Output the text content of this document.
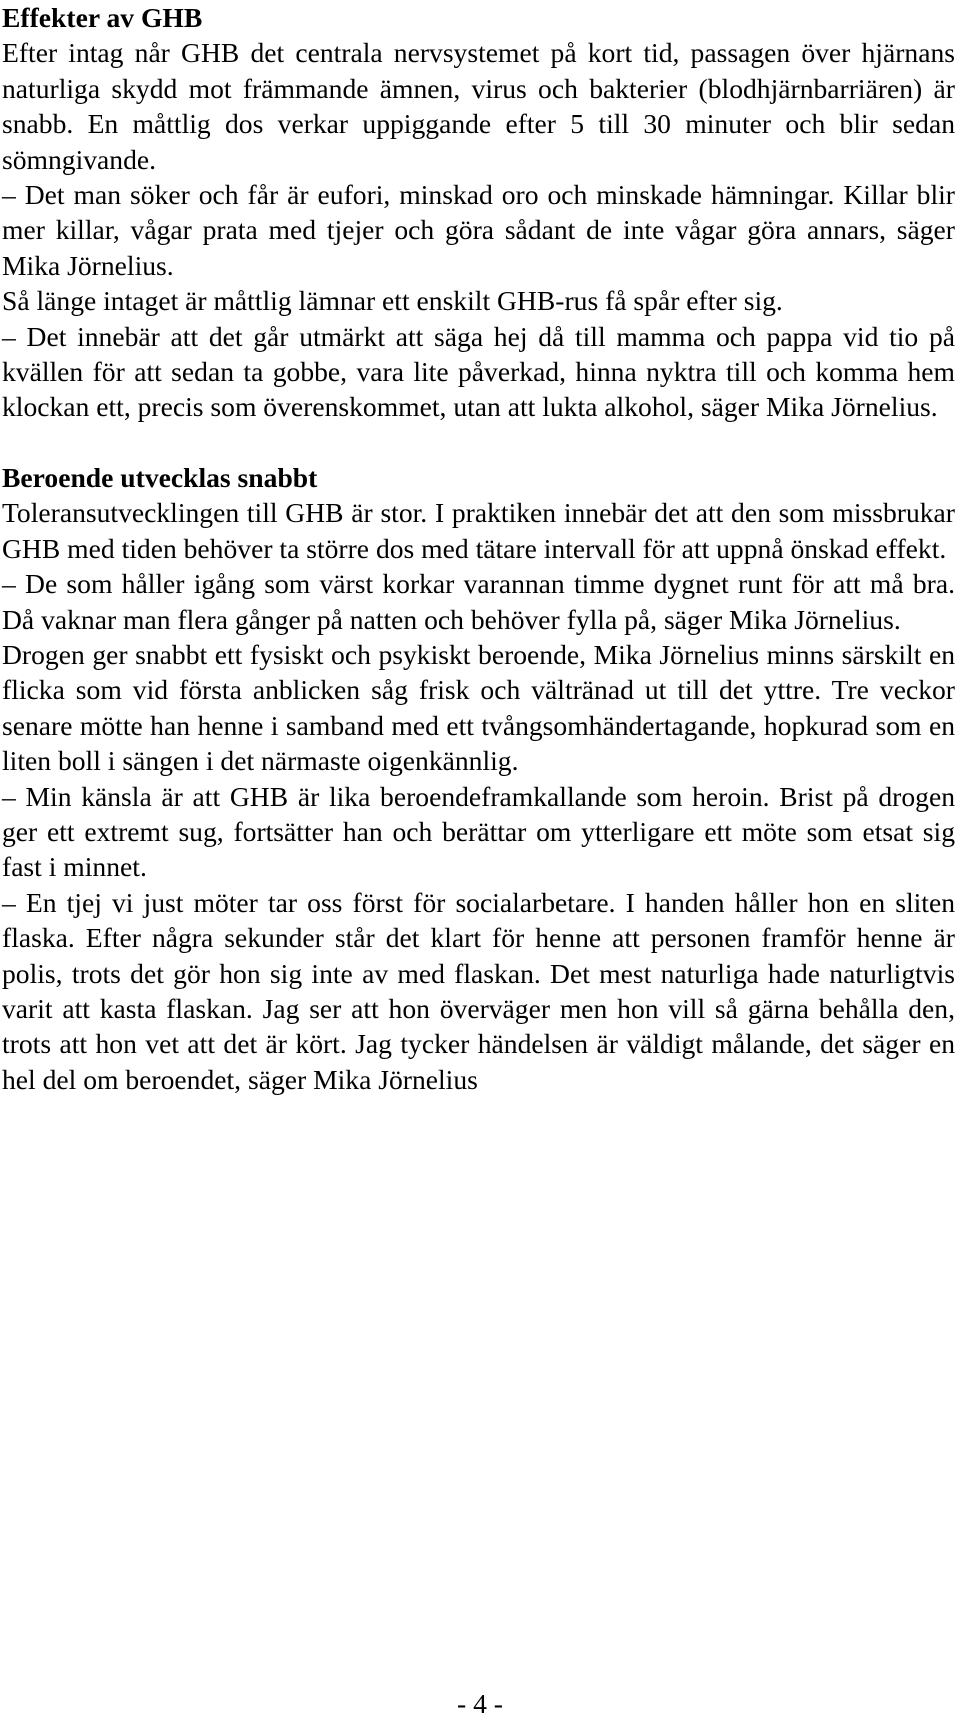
Effekter av GHB

Efter intag når GHB det centrala nervsystemet på kort tid, passagen över hjärnans naturliga skydd mot främmande ämnen, virus och bakterier (blodhjärnbarriären) är snabb. En måttlig dos verkar uppiggande efter 5 till 30 minuter och blir sedan sömngivande.

– Det man söker och får är eufori, minskad oro och minskade hämningar. Killar blir mer killar, vågar prata med tjejer och göra sådant de inte vågar göra annars, säger Mika Jörnelius.

Så länge intaget är måttlig lämnar ett enskilt GHB-rus få spår efter sig.

– Det innebär att det går utmärkt att säga hej då till mamma och pappa vid tio på kvällen för att sedan ta gobbe, vara lite påverkad, hinna nyktra till och komma hem klockan ett, precis som överenskommet, utan att lukta alkohol, säger Mika Jörnelius.

Beroende utvecklas snabbt

Toleransutvecklingen till GHB är stor. I praktiken innebär det att den som missbrukar GHB med tiden behöver ta större dos med tätare intervall för att uppnå önskad effekt.

– De som håller igång som värst korkar varannan timme dygnet runt för att må bra. Då vaknar man flera gånger på natten och behöver fylla på, säger Mika Jörnelius.

Drogen ger snabbt ett fysiskt och psykiskt beroende, Mika Jörnelius minns särskilt en flicka som vid första anblicken såg frisk och vältränad ut till det yttre. Tre veckor senare mötte han henne i samband med ett tvångsomhändertagande, hopkurad som en liten boll i sängen i det närmaste oigenkännlig.

– Min känsla är att GHB är lika beroendeframkallande som heroin. Brist på drogen ger ett extremt sug, fortsätter han och berättar om ytterligare ett möte som etsat sig fast i minnet.

– En tjej vi just möter tar oss först för socialarbetare. I handen håller hon en sliten flaska. Efter några sekunder står det klart för henne att personen framför henne är polis, trots det gör hon sig inte av med flaskan. Det mest naturliga hade naturligtvis varit att kasta flaskan. Jag ser att hon överväger men hon vill så gärna behålla den, trots att hon vet att det är kört. Jag tycker händelsen är väldigt målande, det säger en hel del om beroendet, säger Mika Jörnelius

- 4 -
